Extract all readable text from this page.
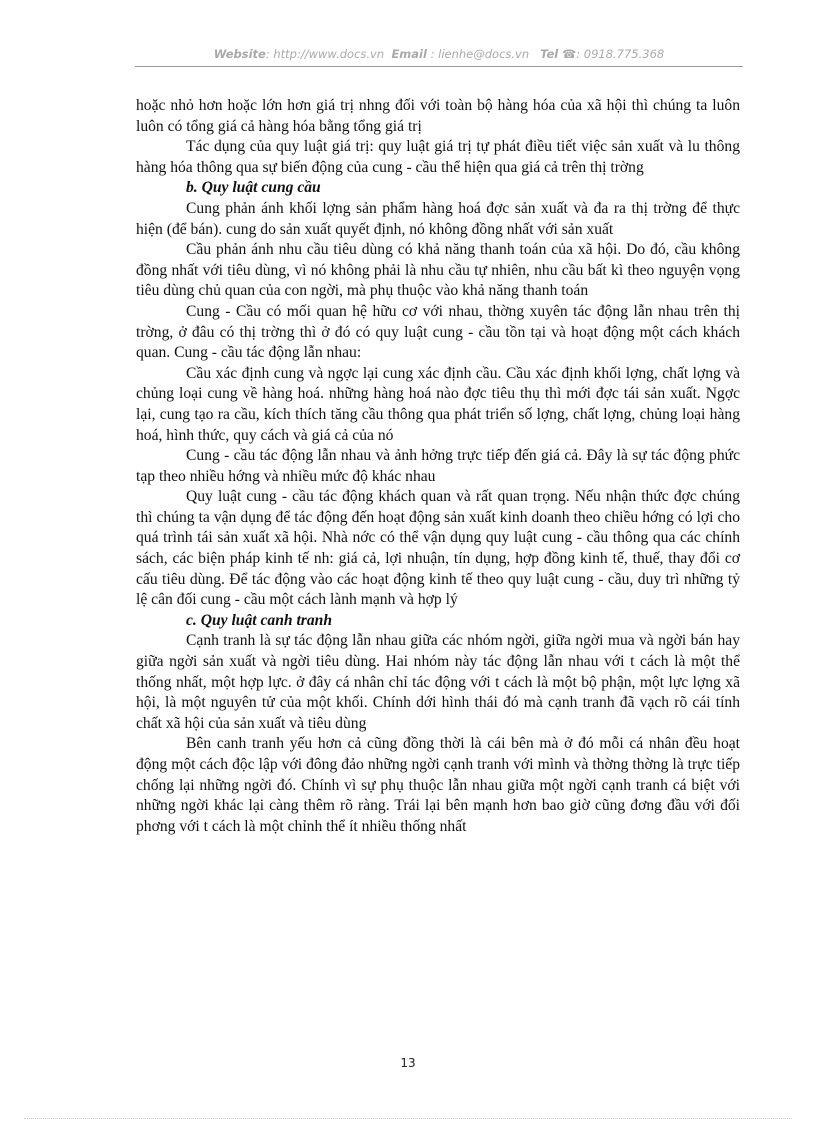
Website: http://www.docs.vn Email : lienhe@docs.vn Tel ☎: 0918.775.368

hoặc nhỏ hơn hoặc lớn hơn giá trị nhng đối với toàn bộ hàng hóa của xã hội thì chúng ta luôn luôn có tổng giá cả hàng hóa bằng tổng giá trị

Tác dụng của quy luật giá trị: quy luật giá trị tự phát điều tiết việc sản xuất và lu thông hàng hóa thông qua sự biến động của cung - cầu thể hiện qua giá cả trên thị trờng

b. Quy luật cung cầu

Cung phản ánh khối lợng sản phẩm hàng hoá đợc sản xuất và đa ra thị trờng để thực hiện (để bán). cung do sản xuất quyết định, nó không đồng nhất với sản xuất

Cầu phản ánh nhu cầu tiêu dùng có khả năng thanh toán của xã hội. Do đó, cầu không đồng nhất với tiêu dùng, vì nó không phải là nhu cầu tự nhiên, nhu cầu bất kì theo nguyện vọng tiêu dùng chủ quan của con ngời, mà phụ thuộc vào khả năng thanh toán

Cung - Cầu có mối quan hệ hữu cơ với nhau, thờng xuyên tác động lẫn nhau trên thị trờng, ở đâu có thị trờng thì ở đó có quy luật cung - cầu tồn tại và hoạt động một cách khách quan. Cung - cầu tác động lẫn nhau:

Cầu xác định cung và ngợc lại cung xác định cầu. Cầu xác định khối lợng, chất lợng và chủng loại cung về hàng hoá. những hàng hoá nào đợc tiêu thụ thì mới đợc tái sản xuất. Ngợc lại, cung tạo ra cầu, kích thích tăng cầu thông qua phát triển số lợng, chất lợng, chủng loại hàng hoá, hình thức, quy cách và giá cả của nó

Cung - cầu tác động lẫn nhau và ảnh hởng trực tiếp đến giá cả. Đây là sự tác động phức tạp theo nhiều hớng và nhiều mức độ khác nhau

Quy luật cung - cầu tác động khách quan và rất quan trọng. Nếu nhận thức đợc chúng thì chúng ta vận dụng để tác động đến hoạt động sản xuất kinh doanh theo chiều hớng có lợi cho quá trình tái sản xuất xã hội. Nhà nớc có thể vận dụng quy luật cung - cầu thông qua các chính sách, các biện pháp kinh tế nh: giá cả, lợi nhuận, tín dụng, hợp đồng kinh tế, thuế, thay đổi cơ cấu tiêu dùng. Để tác động vào các hoạt động kinh tế theo quy luật cung - cầu, duy trì những tỷ lệ cân đối cung - cầu một cách lành mạnh và hợp lý

c. Quy luật canh tranh

Cạnh tranh là sự tác động lẫn nhau giữa các nhóm ngời, giữa ngời mua và ngời bán hay giữa ngời sản xuất và ngời tiêu dùng. Hai nhóm này tác động lẫn nhau với t cách là một thể thống nhất, một hợp lực. ở đây cá nhân chỉ tác động với t cách là một bộ phận, một lực lợng xã hội, là một nguyên tử của một khối. Chính dới hình thái đó mà cạnh tranh đã vạch rõ cái tính chất xã hội của sản xuất và tiêu dùng

Bên canh tranh yếu hơn cả cũng đồng thời là cái bên mà ở đó mỗi cá nhân đều hoạt động một cách độc lập với đông đảo những ngời cạnh tranh với mình và thờng thờng là trực tiếp chống lại những ngời đó. Chính vì sự phụ thuộc lẫn nhau giữa một ngời cạnh tranh cá biệt với những ngời khác lại càng thêm rõ ràng. Trái lại bên mạnh hơn bao giờ cũng đơng đầu với đối phơng với t cách là một chỉnh thể ít nhiều thống nhất

13
